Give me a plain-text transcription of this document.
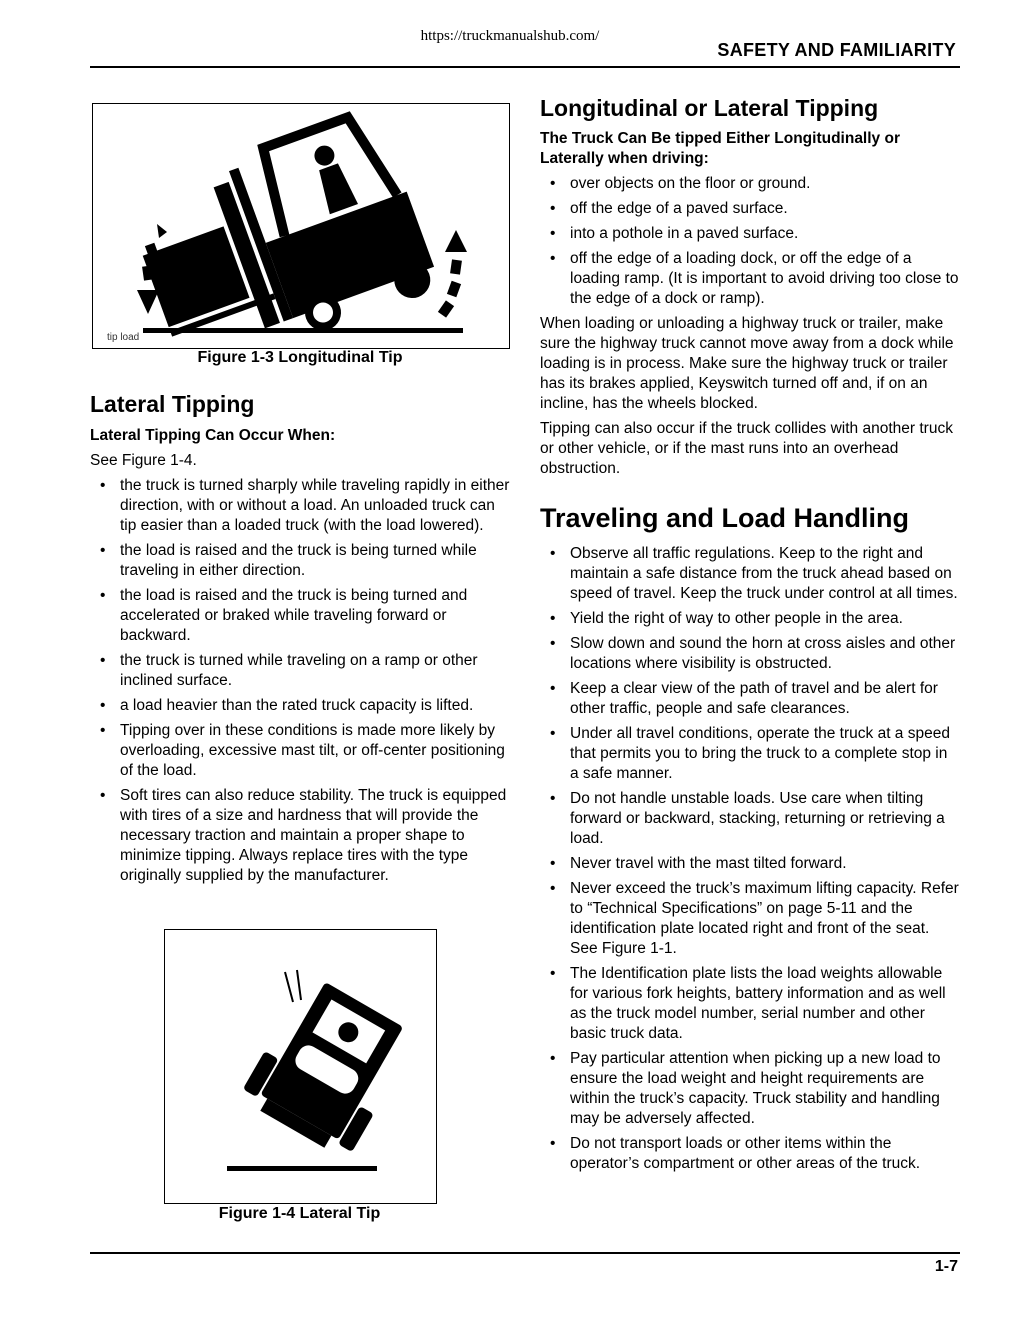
https://truckmanualshub.com/
SAFETY AND FAMILIARITY
tip load
Figure 1-3 Longitudinal Tip
Lateral Tipping
Lateral Tipping Can Occur When:
See Figure 1-4.
• the truck is turned sharply while traveling rapidly in either direction, with or without a load. An unloaded truck can tip easier than a loaded truck (with the load lowered).
• the load is raised and the truck is being turned while traveling in either direction.
• the load is raised and the truck is being turned and accelerated or braked while traveling forward or backward.
• the truck is turned while traveling on a ramp or other inclined surface.
• a load heavier than the rated truck capacity is lifted.
• Tipping over in these conditions is made more likely by overloading, excessive mast tilt, or off-center positioning of the load.
• Soft tires can also reduce stability. The truck is equipped with tires of a size and hardness that will provide the necessary traction and maintain a proper shape to minimize tipping. Always replace tires with the type originally supplied by the manufacturer.
Figure 1-4 Lateral Tip
Longitudinal or Lateral Tipping
The Truck Can Be tipped Either Longitudinally or Laterally when driving:
• over objects on the floor or ground.
• off the edge of a paved surface.
• into a pothole in a paved surface.
• off the edge of a loading dock, or off the edge of a loading ramp. (It is important to avoid driving too close to the edge of a dock or ramp).
When loading or unloading a highway truck or trailer, make sure the highway truck cannot move away from a dock while loading is in process. Make sure the highway truck or trailer has its brakes applied, Keyswitch turned off and, if on an incline, has the wheels blocked.
Tipping can also occur if the truck collides with another truck or other vehicle, or if the mast runs into an overhead obstruction.
Traveling and Load Handling
• Observe all traffic regulations. Keep to the right and maintain a safe distance from the truck ahead based on speed of travel. Keep the truck under control at all times.
• Yield the right of way to other people in the area.
• Slow down and sound the horn at cross aisles and other locations where visibility is obstructed.
• Keep a clear view of the path of travel and be alert for other traffic, people and safe clearances.
• Under all travel conditions, operate the truck at a speed that permits you to bring the truck to a complete stop in a safe manner.
• Do not handle unstable loads. Use care when tilting forward or backward, stacking, returning or retrieving a load.
• Never travel with the mast tilted forward.
• Never exceed the truck’s maximum lifting capacity. Refer to “Technical Specifications” on page 5-11 and the identification plate located right and front of the seat. See Figure 1-1.
• The Identification plate lists the load weights allowable for various fork heights, battery information and as well as the truck model number, serial number and other basic truck data.
• Pay particular attention when picking up a new load to ensure the load weight and height requirements are within the truck’s capacity. Truck stability and handling may be adversely affected.
• Do not transport loads or other items within the operator’s compartment or other areas of the truck.
1-7
